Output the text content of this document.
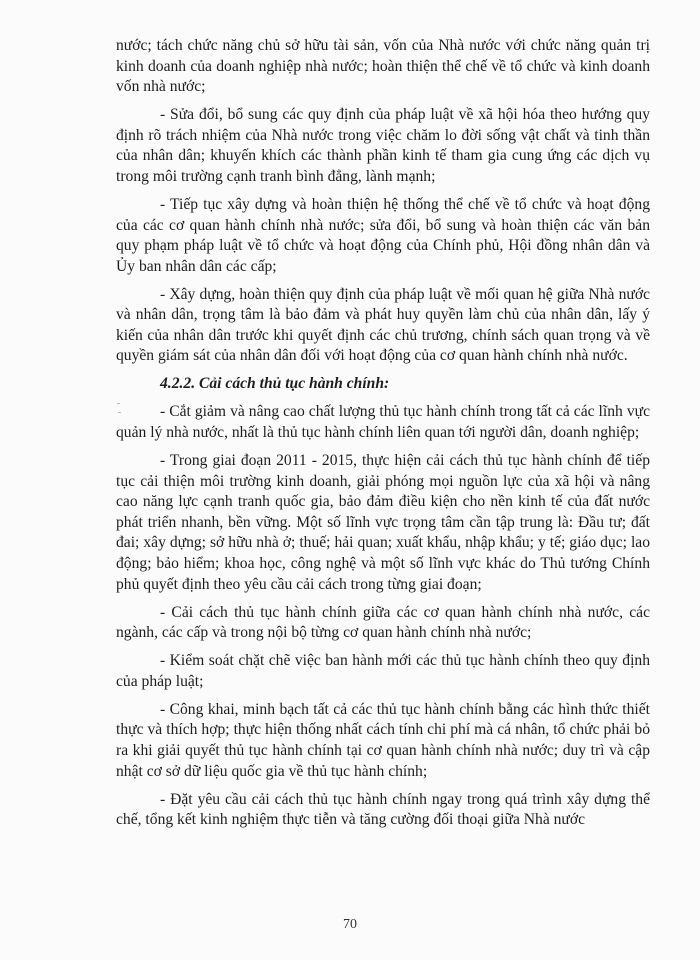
nước; tách chức năng chủ sở hữu tài sản, vốn của Nhà nước với chức năng quản trị kinh doanh của doanh nghiệp nhà nước; hoàn thiện thể chế về tổ chức và kinh doanh vốn nhà nước;

- Sửa đổi, bổ sung các quy định của pháp luật về xã hội hóa theo hướng quy định rõ trách nhiệm của Nhà nước trong việc chăm lo đời sống vật chất và tinh thần của nhân dân; khuyến khích các thành phần kinh tế tham gia cung ứng các dịch vụ trong môi trường cạnh tranh bình đẳng, lành mạnh;

- Tiếp tục xây dựng và hoàn thiện hệ thống thể chế về tổ chức và hoạt động của các cơ quan hành chính nhà nước; sửa đổi, bổ sung và hoàn thiện các văn bản quy phạm pháp luật về tổ chức và hoạt động của Chính phủ, Hội đồng nhân dân và Ủy ban nhân dân các cấp;

- Xây dựng, hoàn thiện quy định của pháp luật về mối quan hệ giữa Nhà nước và nhân dân, trọng tâm là bảo đảm và phát huy quyền làm chủ của nhân dân, lấy ý kiến của nhân dân trước khi quyết định các chủ trương, chính sách quan trọng và về quyền giám sát của nhân dân đối với hoạt động của cơ quan hành chính nhà nước.

4.2.2. Cải cách thủ tục hành chính:

- Cắt giảm và nâng cao chất lượng thủ tục hành chính trong tất cả các lĩnh vực quản lý nhà nước, nhất là thủ tục hành chính liên quan tới người dân, doanh nghiệp;

- Trong giai đoạn 2011 - 2015, thực hiện cải cách thủ tục hành chính để tiếp tục cải thiện môi trường kinh doanh, giải phóng mọi nguồn lực của xã hội và nâng cao năng lực cạnh tranh quốc gia, bảo đảm điều kiện cho nền kinh tế của đất nước phát triển nhanh, bền vững. Một số lĩnh vực trọng tâm cần tập trung là: Đầu tư; đất đai; xây dựng; sở hữu nhà ở; thuế; hải quan; xuất khẩu, nhập khẩu; y tế; giáo dục; lao động; bảo hiểm; khoa học, công nghệ và một số lĩnh vực khác do Thủ tướng Chính phủ quyết định theo yêu cầu cải cách trong từng giai đoạn;

- Cải cách thủ tục hành chính giữa các cơ quan hành chính nhà nước, các ngành, các cấp và trong nội bộ từng cơ quan hành chính nhà nước;

- Kiểm soát chặt chẽ việc ban hành mới các thủ tục hành chính theo quy định của pháp luật;

- Công khai, minh bạch tất cả các thủ tục hành chính bằng các hình thức thiết thực và thích hợp; thực hiện thống nhất cách tính chi phí mà cá nhân, tổ chức phải bỏ ra khi giải quyết thủ tục hành chính tại cơ quan hành chính nhà nước; duy trì và cập nhật cơ sở dữ liệu quốc gia về thủ tục hành chính;

- Đặt yêu cầu cải cách thủ tục hành chính ngay trong quá trình xây dựng thể chế, tổng kết kinh nghiệm thực tiễn và tăng cường đối thoại giữa Nhà nước

70
